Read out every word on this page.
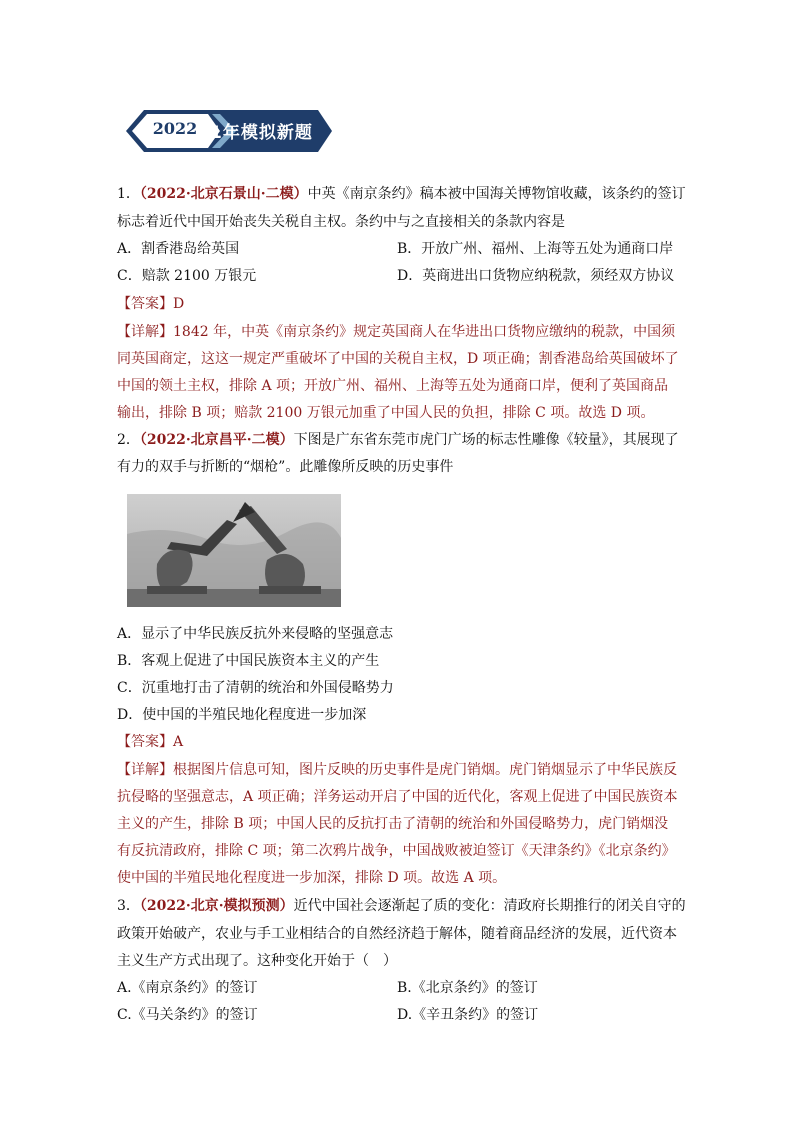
2022 1年模拟新题
1．（2022·北京石景山·二模）中英《南京条约》稿本被中国海关博物馆收藏，该条约的签订
标志着近代中国开始丧失关税自主权。条约中与之直接相关的条款内容是
A．割香港岛给英国	B．开放广州、福州、上海等五处为通商口岸
C．赔款 2100 万银元	D．英商进出口货物应纳税款，须经双方协议
【答案】D
【详解】1842 年，中英《南京条约》规定英国商人在华进出口货物应缴纳的税款，中国须
同英国商定，这这一规定严重破坏了中国的关税自主权，D 项正确；割香港岛给英国破坏了
中国的领土主权，排除 A 项；开放广州、福州、上海等五处为通商口岸，便利了英国商品
输出，排除 B 项；赔款 2100 万银元加重了中国人民的负担，排除 C 项。故选 D 项。
2．（2022·北京昌平·二模）下图是广东省东莞市虎门广场的标志性雕像《较量》，其展现了
有力的双手与折断的“烟枪”。此雕像所反映的历史事件
A．显示了中华民族反抗外来侵略的坚强意志
B．客观上促进了中国民族资本主义的产生
C．沉重地打击了清朝的统治和外国侵略势力
D．使中国的半殖民地化程度进一步加深
【答案】A
【详解】根据图片信息可知，图片反映的历史事件是虎门销烟。虎门销烟显示了中华民族反
抗侵略的坚强意志，A 项正确；洋务运动开启了中国的近代化，客观上促进了中国民族资本
主义的产生，排除 B 项；中国人民的反抗打击了清朝的统治和外国侵略势力，虎门销烟没
有反抗清政府，排除 C 项；第二次鸦片战争，中国战败被迫签订《天津条约》《北京条约》
使中国的半殖民地化程度进一步加深，排除 D 项。故选 A 项。
3．（2022·北京·模拟预测）近代中国社会逐渐起了质的变化：清政府长期推行的闭关自守的
政策开始破产，农业与手工业相结合的自然经济趋于解体，随着商品经济的发展，近代资本
主义生产方式出现了。这种变化开始于（　）
A.《南京条约》的签订	B.《北京条约》的签订
C.《马关条约》的签订	D.《辛丑条约》的签订
